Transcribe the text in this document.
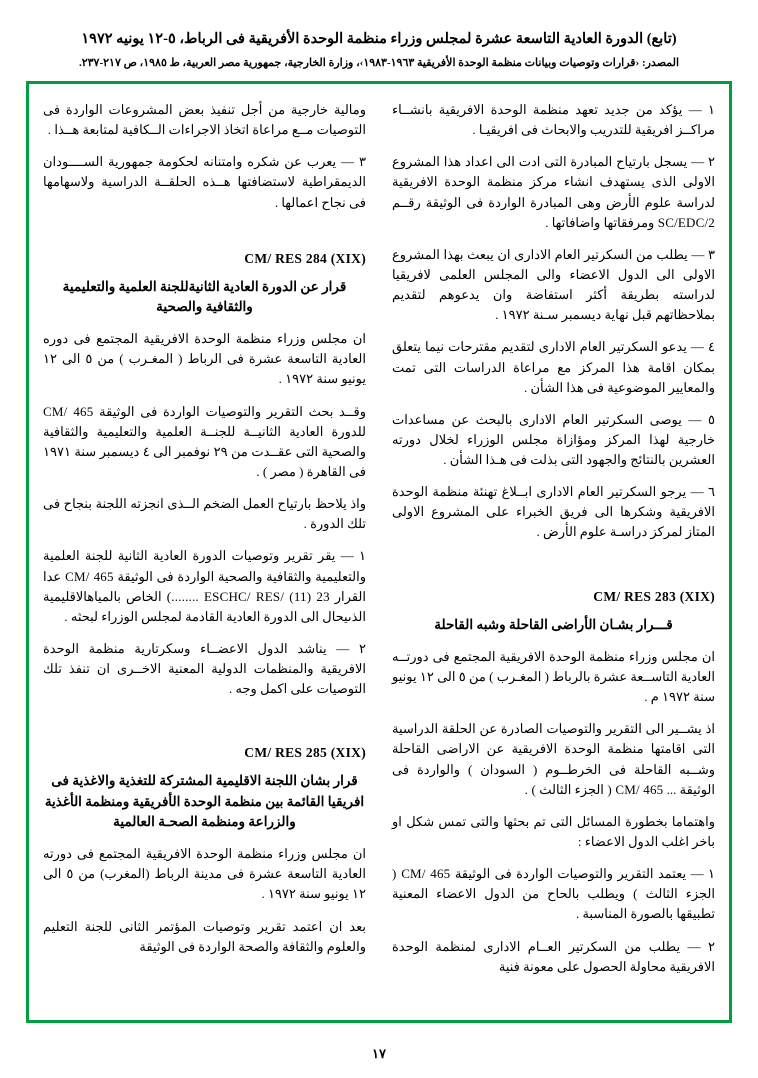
(تابع) الدورة العادية التاسعة عشرة لمجلس وزراء منظمة الوحدة الأفريقية فى الرباط، ٥-١٢ يونيه ١٩٧٢
المصدر: ‹قرارات وتوصيات وبيانات منظمة الوحدة الأفريقية ١٩٦٣-١٩٨٣›، وزارة الخارجية، جمهورية مصر العربية، ط ١٩٨٥، ص ٢١٧-٢٣٧.

١ — يؤكد من جديد تعهد منظمة الوحدة الافريقية بانشــاء مراكــز افريقية للتدريب والابحاث فى افريقيـا .

٢ — يسجل بارتياح المبادرة التى ادت الى اعداد هذا المشروع الاولى الذى يستهدف انشاء مركز منظمة الوحدة الافريقية لدراسة علوم الأرض وهى المبادرة الواردة فى الوثيقة رقــم SC/EDC/2 ومرفقاتها واضافاتها .

٣ — يطلب من السكرتير العام الادارى ان يبعث بهذا المشروع الاولى الى الدول الاعضاء والى المجلس العلمى لافريقيا لدراسته بطريقة أكثر استفاضة وان يدعوهم لتقديم بملاحظاتهم قبل نهاية ديسمبر سـنة ١٩٧٢ .

٤ — يدعو السكرتير العام الادارى لتقديم مقترحات نيما يتعلق بمكان اقامة هذا المركز مع مراعاة الدراسات التى تمت والمعايير الموضوعية فى هذا الشأن .

٥ — يوصى السكرتير العام الادارى بالبحث عن مساعدات خارجية لهذا المركز ومؤازاة مجلس الوزراء لخلال دورته العشرين بالنتائج والجهود التى بذلت فى هـذا الشأن .

٦ — يرجو السكرتير العام الادارى ابــلاغ تهنئة منظمة الوحدة الافريقية وشكرها الى فريق الخبراء على المشروع الاولى المتاز لمركز دراسـة علوم الأرض .

CM/ RES 283 (XIX)
قـــرار بشـان الأراضى القاحلة وشبه القاحلة

ان مجلس وزراء منظمة الوحدة الافريقية المجتمع فى دورتــه العادية التاســعة عشرة بالرباط ( المغـرب ) من ٥ الى ١٢ يونيو سنة ١٩٧٢ م .

اذ يشــير الى التقرير والتوصيات الصادرة عن الحلقة الدراسية التى اقامتها منظمة الوحدة الافريقية عن الاراضى القاحلة وشــبه القاحلة فى الخرطــوم ( السودان ) والواردة فى الوثيقة ... CM/ 465 ( الجزء الثالث ) .

واهتماما بخطورة المسائل التى تم بحثها والتى تمس شكل او باخر اغلب الدول الاعضاء :

١ — يعتمد التقرير والتوصيات الواردة فى الوثيقة CM/ 465 ( الجزء الثالث ) ويطلب بالحاح من الدول الاعضاء المعنية تطبيقها بالصورة المناسبة .

٢ — يطلب من السكرتير العــام الادارى لمنظمة الوحدة الافريقية محاولة الحصول على معونة فنية

ومالية خارجية من أجل تنفيذ بعض المشروعات الواردة فى التوصيات مــع مراعاة اتخاذ الاجراءات الــكافية لمتابعة هــذا .

٣ — يعرب عن شكره وامتنانه لحكومة جمهورية الســــودان الديمقراطية لاستضافتها هــذه الحلقــة الدراسية ولاسهامها فى نجاح اعمالها .

CM/ RES 284 (XIX)
قرار عن الدورة العادية الثانيةللجنة العلمية والتعليمية والثقافية والصحية

ان مجلس وزراء منظمة الوحدة الافريقية المجتمع فى دوره العادية التاسعة عشرة فى الرباط ( المغـرب ) من ٥ الى ١٢ يونيو سنة ١٩٧٢ .

وقــد بحث التقرير والتوصيات الواردة فى الوثيقة CM/ 465 للدورة العادية الثانيــة للجنــة العلمية والتعليمية والثقافية والصحية التى عقــدت من ٢٩ نوفمبر الى ٤ ديسمبر سنة ١٩٧١ فى القاهرة ( مصر ) .

واذ يلاحظ بارتياح العمل الضخم الــذى انجزته اللجنة بنجاح فى تلك الدورة .

١ — يقر تقرير وتوصيات الدورة العادية الثانية للجنة العلمية والتعليمية والثقافية والصحية الواردة فى الوثيقة CM/ 465 عدا القرار ESCHC/ RES/ (11) 23 ........) الخاص بالمياهالاقليمية الذىيحال الى الدورة العادية القادمة لمجلس الوزراء لبحثه .

٢ — يناشد الدول الاعضــاء وسكرتارية منظمة الوحدة الافريقية والمنظمات الدولية المعنية الاخــرى ان تنفذ تلك التوصيات على اكمل وجه .

CM/ RES 285 (XIX)
قرار بشان اللجنة الاقليمية المشتركة للتغذية والاغذية فى افريقيا القائمة بين منظمة الوحدة الأفريقية ومنظمة الأغذية والزراعة ومنظمة الصحـة العالمية

ان مجلس وزراء منظمة الوحدة الافريقية المجتمع فى دورته العادية التاسعة عشرة فى مدينة الرباط (المغرب) من ٥ الى ١٢ يونيو سنة ١٩٧٢ .

بعد ان اعتمد تقرير وتوصيات المؤتمر الثانى للجنة التعليم والعلوم والثقافة والصحة الواردة فى الوثيقة

١٧
